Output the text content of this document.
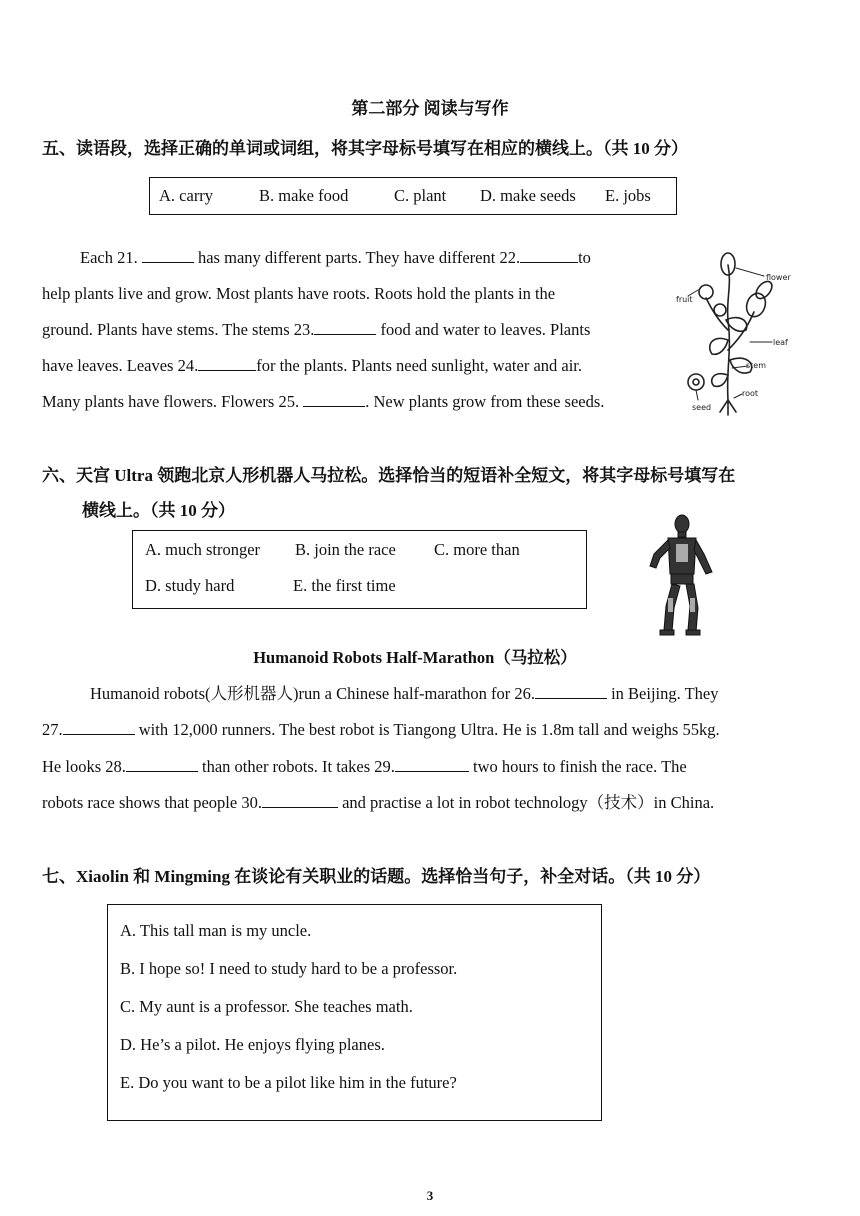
第二部分 阅读与写作
五、读语段，选择正确的单词或词组，将其字母标号填写在相应的横线上。（共 10 分）
A. carry	B. make food	C. plant D. make seeds E. jobs
Each 21.	has many different parts. They have different 22.	to
help plants live and grow. Most plants have roots. Roots hold the plants in the
ground. Plants have stems. The stems 23.	food and water to leaves. Plants
have leaves. Leaves 24.	for the plants. Plants need sunlight, water and air.
Many plants have flowers. Flowers 25.	. New plants grow from these seeds.
flower
fruit
leaf
stem
root
seed
六、天宫 Ultra 领跑北京人形机器人马拉松。选择恰当的短语补全短文，将其字母标号填写在
横线上。（共 10 分）
A. much stronger B. join the race C. more than
D. study hard	E. the first time
Humanoid Robots Half-Marathon（马拉松）
Humanoid robots(人形机器人)run a Chinese half-marathon for 26.	in Beijing. They
27.	with 12,000 runners. The best robot is Tiangong Ultra. He is 1.8m tall and weighs 55kg.
He looks 28.	than other robots. It takes 29.	two hours to finish the race. The
robots race shows that people 30.	and practise a lot in robot technology（技术）in China.
七、Xiaolin 和 Mingming 在谈论有关职业的话题。选择恰当句子，补全对话。（共 10 分）
A. This tall man is my uncle.
B. I hope so! I need to study hard to be a professor.
C. My aunt is a professor. She teaches math.
D. He’s a pilot. He enjoys flying planes.
E. Do you want to be a pilot like him in the future?
3
